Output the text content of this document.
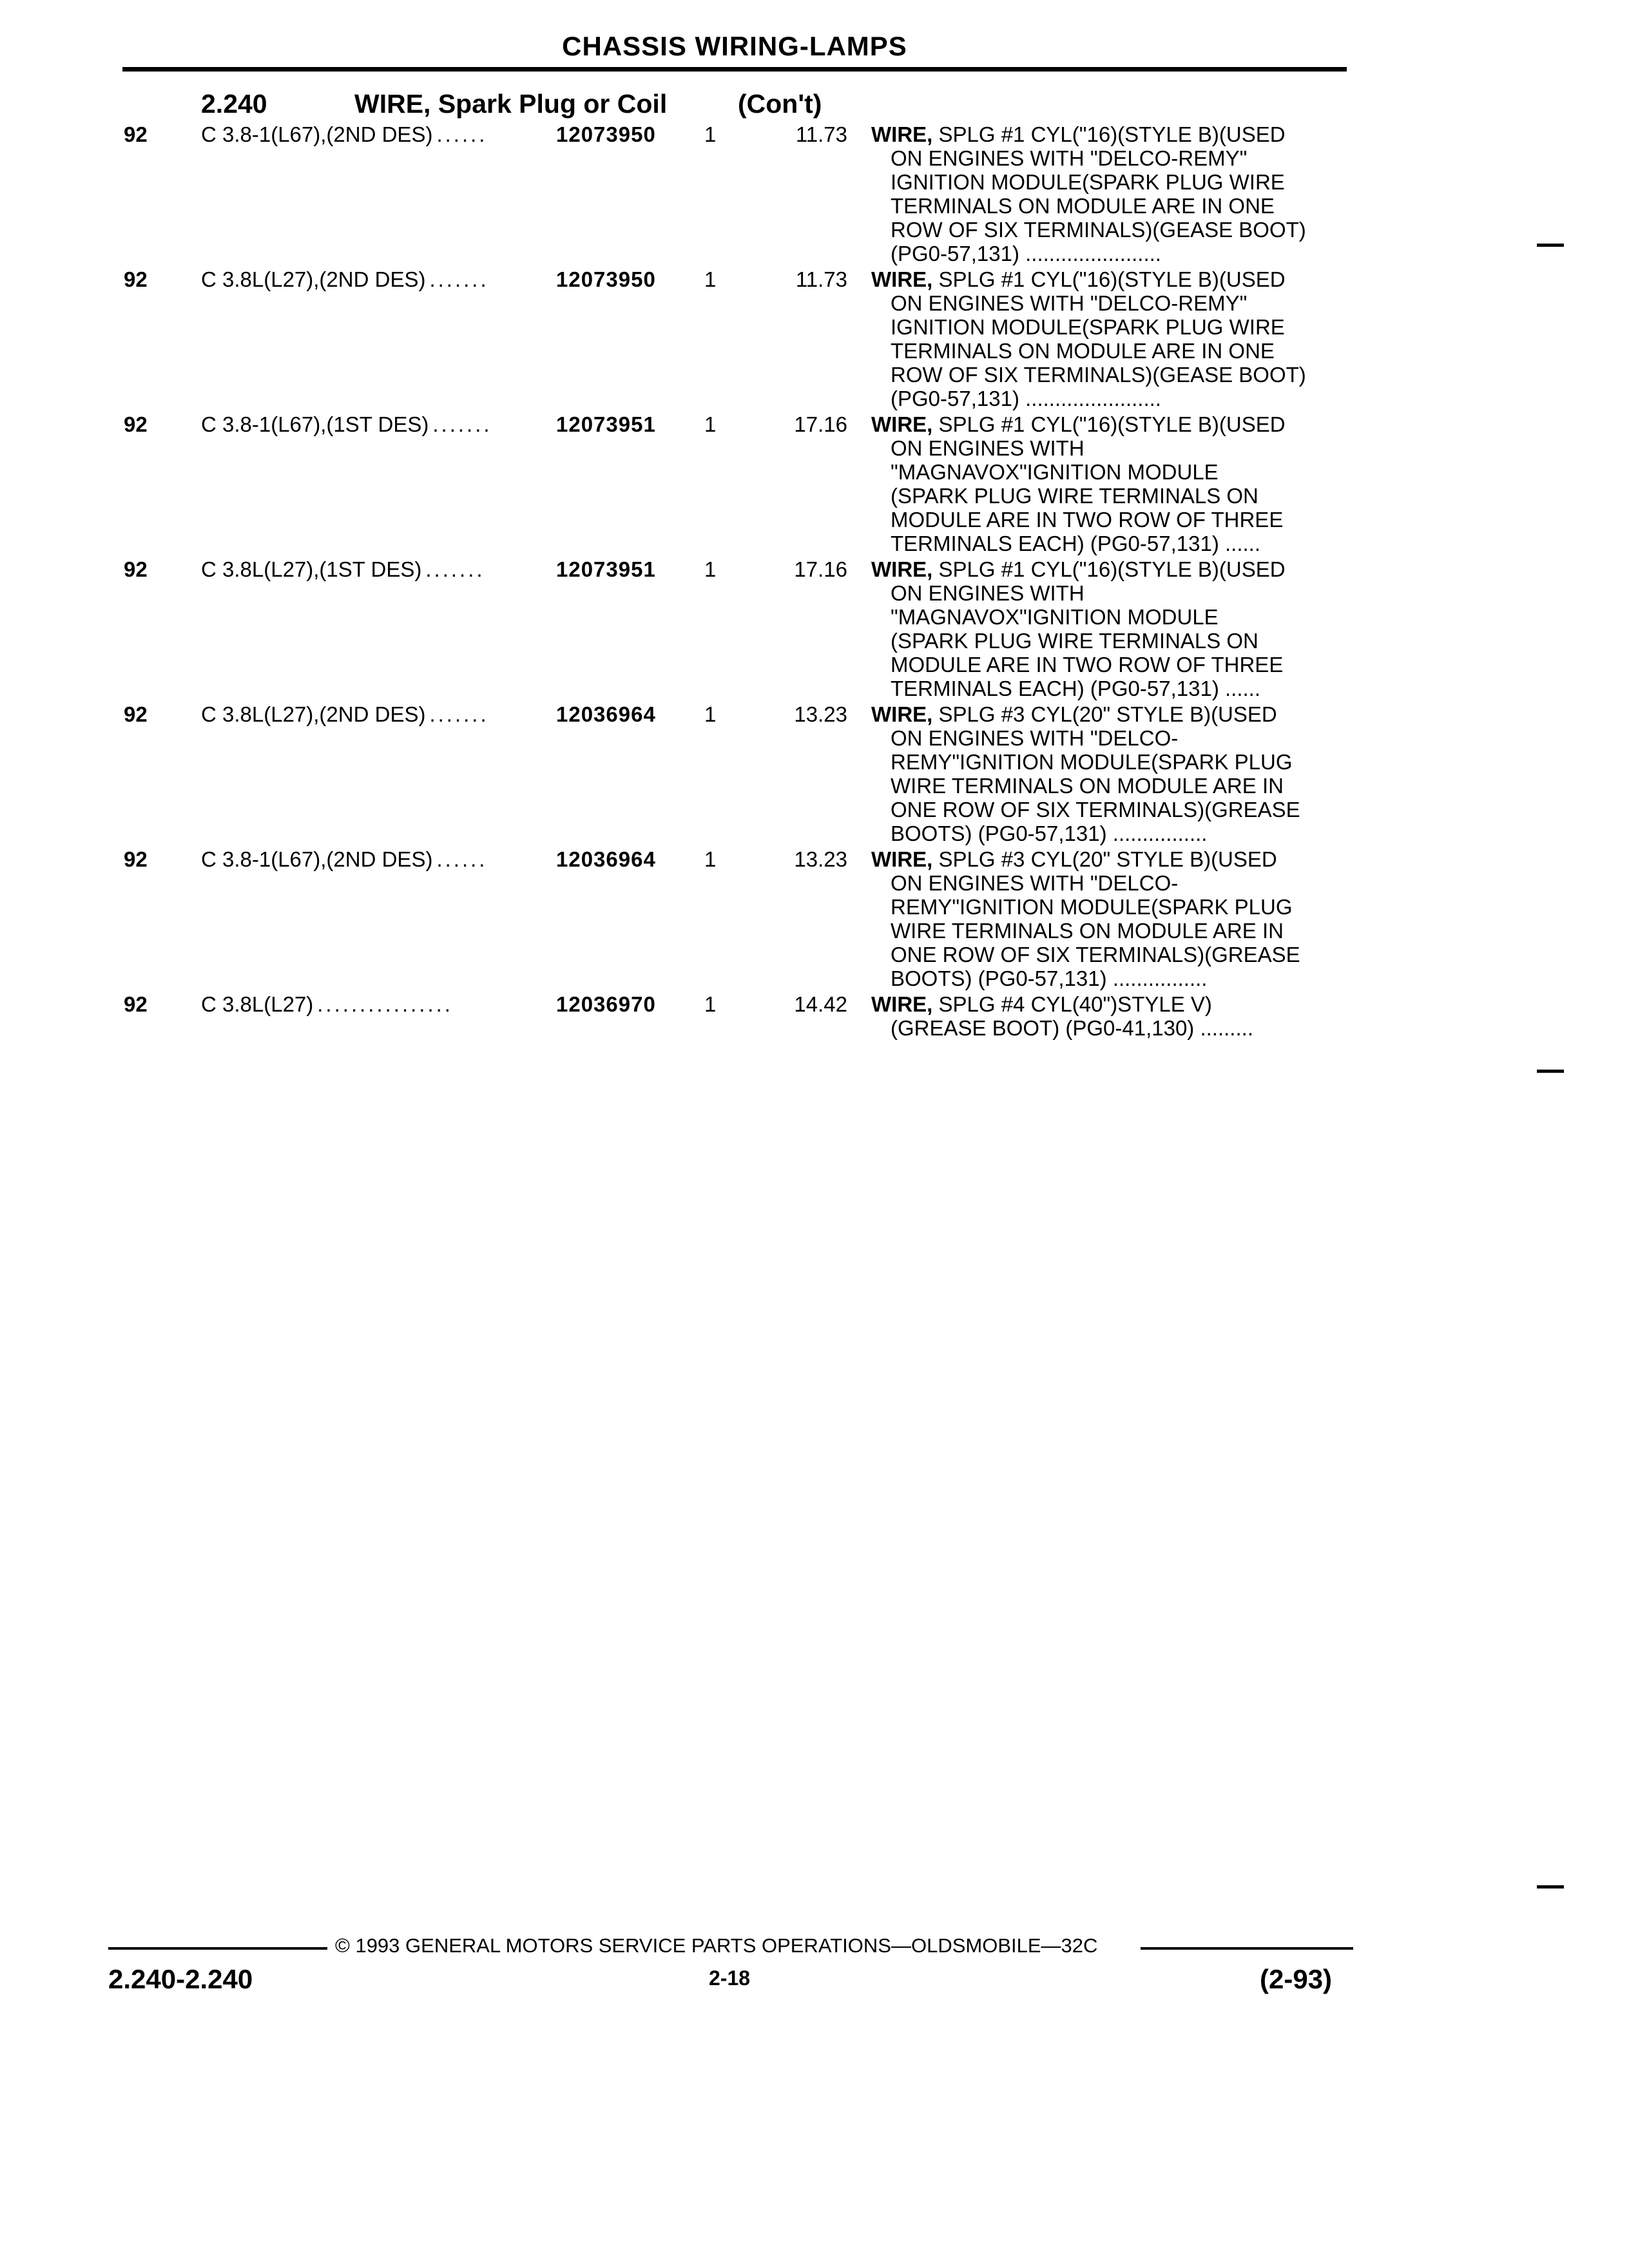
CHASSIS WIRING-LAMPS
2.240	WIRE, Spark Plug or Coil	(Con't)
92	C 3.8-1(L67),(2ND DES) ......	12073950 1	11.73 WIRE, SPLG #1 CYL("16)(STYLE B)(USED
ON ENGINES WITH "DELCO-REMY"
IGNITION MODULE(SPARK PLUG WIRE
TERMINALS ON MODULE ARE IN ONE
ROW OF SIX TERMINALS)(GEASE BOOT)
(PG0-57,131) .......................
92	C 3.8L(L27),(2ND DES) .......	12073950 1	11.73 WIRE, SPLG #1 CYL("16)(STYLE B)(USED
ON ENGINES WITH "DELCO-REMY"
IGNITION MODULE(SPARK PLUG WIRE
TERMINALS ON MODULE ARE IN ONE
ROW OF SIX TERMINALS)(GEASE BOOT)
(PG0-57,131) .......................
92	C 3.8-1(L67),(1ST DES) .......	12073951 1	17.16 WIRE, SPLG #1 CYL("16)(STYLE B)(USED
ON ENGINES WITH
"MAGNAVOX"IGNITION MODULE
(SPARK PLUG WIRE TERMINALS ON
MODULE ARE IN TWO ROW OF THREE
TERMINALS EACH) (PG0-57,131) ......
92	C 3.8L(L27),(1ST DES) .......	12073951 1	17.16 WIRE, SPLG #1 CYL("16)(STYLE B)(USED
ON ENGINES WITH
"MAGNAVOX"IGNITION MODULE
(SPARK PLUG WIRE TERMINALS ON
MODULE ARE IN TWO ROW OF THREE
TERMINALS EACH) (PG0-57,131) ......
92	C 3.8L(L27),(2ND DES) .......	12036964 1	13.23 WIRE, SPLG #3 CYL(20" STYLE B)(USED
ON ENGINES WITH "DELCO-
REMY"IGNITION MODULE(SPARK PLUG
WIRE TERMINALS ON MODULE ARE IN
ONE ROW OF SIX TERMINALS)(GREASE
BOOTS) (PG0-57,131) ................
92	C 3.8-1(L67),(2ND DES) ......	12036964 1	13.23 WIRE, SPLG #3 CYL(20" STYLE B)(USED
ON ENGINES WITH "DELCO-
REMY"IGNITION MODULE(SPARK PLUG
WIRE TERMINALS ON MODULE ARE IN
ONE ROW OF SIX TERMINALS)(GREASE
BOOTS) (PG0-57,131) ................
92	C 3.8L(L27) ................	12036970 1	14.42 WIRE, SPLG #4 CYL(40")STYLE V)
(GREASE BOOT) (PG0-41,130) .........
© 1993 GENERAL MOTORS SERVICE PARTS OPERATIONS—OLDSMOBILE—32C
2.240-2.240	2-18	(2-93)
